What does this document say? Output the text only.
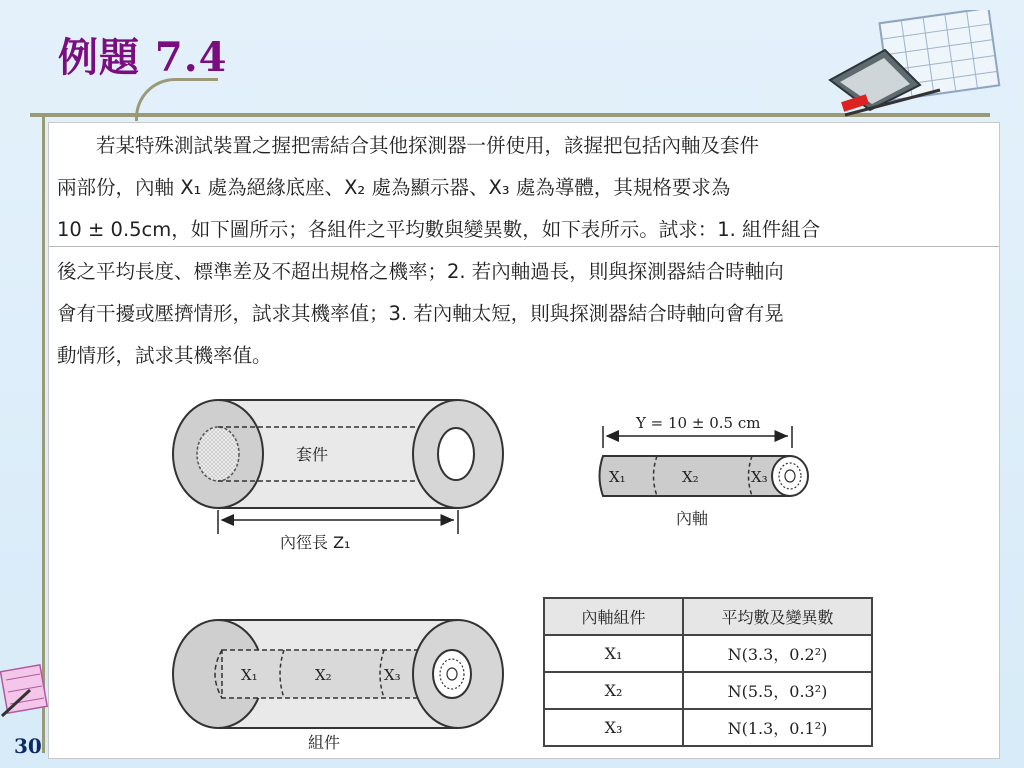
例題 7.4
30
　　若某特殊測試裝置之握把需結合其他探測器一併使用，該握把包括內軸及套件
兩部份，內軸 X₁ 處為絕緣底座、X₂ 處為顯示器、X₃ 處為導體，其規格要求為
10 ± 0.5cm，如下圖所示；各組件之平均數與變異數，如下表所示。試求：1. 組件組合
後之平均長度、標準差及不超出規格之機率；2. 若內軸過長，則與探測器結合時軸向
會有干擾或壓擠情形，試求其機率值；3. 若內軸太短，則與探測器結合時軸向會有晃
動情形，試求其機率值。
套件
內徑長 Z₁
Y = 10 ± 0.5 cm
X₁	X₂	X₃
內軸
X₁	X₂	X₃
組件
內軸組件	平均數及變異數
X₁	N(3.3，0.2²)
X₂	N(5.5，0.3²)
X₃	N(1.3，0.1²)
